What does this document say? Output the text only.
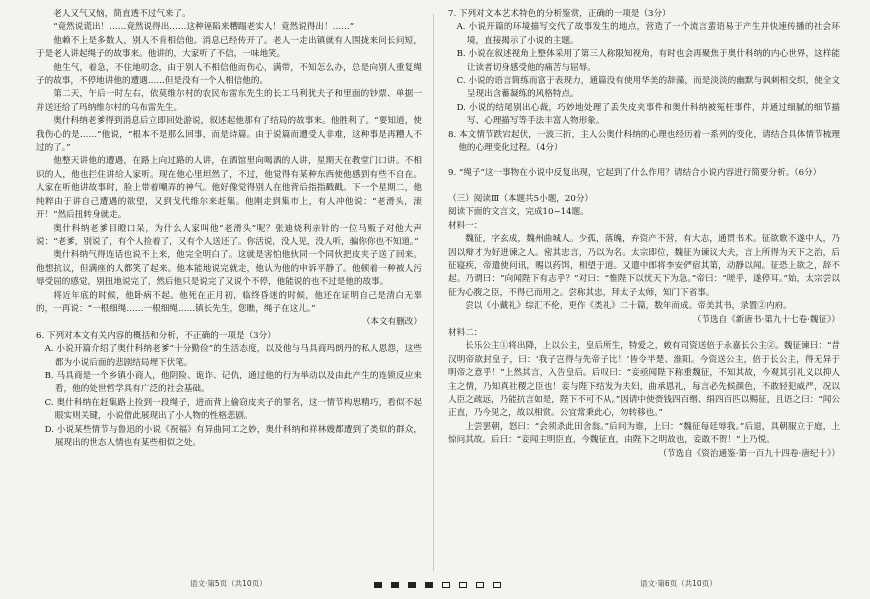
老人又气又恼，简直透不过气来了。

“竟然说谎出！……竟然说得出……这种诬陷来糟蹋老实人！竟然说得出！……”

他赖不上是多数人，别人不肯相信他。消息已经传开了。老人一走出镇就有人围拢来问长问短，于是老人讲起绳子的故事来。他讲的，大家听了不信，一味地笑。

他生气，着急，不住地叨念，由于别人不相信他而伤心，满带，不知怎么办，总是向别人重复绳子的故事，不停地讲他的遭遇……但是没有一个人相信他的。

第二天，午后一时左右，依莫维尔村的农民布雷东先生的长工马利犹夫子和里面的钞票、单据一并送还给了玛纳维尔村的乌布雷先生。

奥什科纳老爹得到消息后立即回处游说，叙述起他那有了结局的故事来。他胜利了。“要知道，使我伤心的是……”他说，“根本不是那么回事，而是诗篇。由于说篇而遭受人非难，这种事是再糟人不过的了。”

他整天讲他的遭遇，在路上向过路的人讲，在酒馆里向喝酒的人讲，星期天在教堂门口讲。不相识的人，他也拦住讲给人家听。现在他心里坦然了，不过，他觉得有某种东西使他感到有些不自在。人家在听他讲故事时，脸上带着嘲弄的神气。他好像觉得别人在他背后指指戳戳。下一个星期二，他纯粹由于讲自己遭遇的欲望，又到戈代维尔来赶集。他刚走到集市上，有人冲他说：“老滑头，滚开！”然后扭转身就走。

奥什科纳老爹目瞪口呆，为什么人家叫他“老滑头”呢？张迪烧利亲针的一位马贩子对他大声说：“老爹，别说了，有个人捡着了，又有个人送还了。你活说，没人见，没人听，骗你你也不知道。”

奥什科纳气得连话也说不上来，他完全明白了。这就是害怕他伙同一个同伙把皮夹子送了回来。他想抗议，但满座的人都笑了起来。他本能地说完就走，他认为他的申诉平静了。他顿着一种被人污辱受屈的感觉，别扭地说完了，然后他只是说完了又说个不停，他能说的也不过是他的故事。

将近年底的时候，他卧病不起。他死在正月初，临终昏迷的时候，他还在证明自己是清白无辜的，一再说：“一根细绳……一根细绳……镇长先生，您瞧，绳子在这儿。”

（本文有删改）

6. 下列对本文有关内容的概括和分析，不正确的一项是（3分）

A. 小说开篇介绍了奥什科纳老爹“十分勤俭”的生活态度，以及他与马具商玛朗丹的私人恩怨，这些都为小说后面的悲剧结局埋下伏笔。

B. 马具商是一个乡镇小商人，他阴险、诡诈、记仇，通过他的行为举动以及由此产生的连锁反应来看，他的处世哲学具有广泛的社会基础。

C. 奥什科纳在赶集路上捡到一段绳子，进而背上偷窃皮夹子的罪名，这一情节构思精巧，看似不起眼实则关键，小说借此展现出了小人物的性格悲剧。

D. 小说某些情节与鲁迅的小说《祝福》有异曲同工之妙，奥什科纳和祥林嫂都遭到了类似的群众，展现出的世态人情也有某些相似之处。

7. 下列对文本艺术特色的分析鉴赏，正确的一项是（3分）

A. 小说开篇的环境描写交代了故事发生的地点，营造了一个流言蜚语易于产生并快速传播的社会环境，直接揭示了小说的主题。

B. 小说在叙述视角上整体采用了第三人称限知视角，有时也会再聚焦于奥什科纳的内心世界，这样能让读者切身感受他的痛苦与屈辱。

C. 小说的语言简练而富于表现力，通篇没有使用华美的辞藻，而是淡淡的幽默与讽刺相交织，使全文呈现出含蓄凝练的风格特点。

D. 小说的结尾别出心裁，巧妙地处理了丢失皮夹事件和奥什科纳被冤枉事件，并通过细腻的细节描写、心理描写等手法丰富人物形象。

8. 本文情节跌宕起伏，一波三折，主人公奥什科纳的心理也经历着一系列的变化，请结合具体情节梳理他的心理变化过程。（4分）

9. “绳子”这一事物在小说中反复出现，它起到了什么作用？请结合小说内容进行简要分析。（6分）

（三）阅读Ⅲ（本题共5小题，20分）

阅读下面的文言文，完成10~14题。

材料一：

魏征，字玄成，魏州曲城人。少孤，落魄，弃资产不营，有大志，通贯书术。征欲歌不遂中人，乃因以辩才为好进谏之人。密其忠言，乃以为名。太宗即位，魏征为谏议大夫，言上所得为天下之治，后征寝疾，帝遣使问讯，赐以药饵，相望于道。又遣中郎将李安俨宿其第，动静以闻。征恐上欲之，辞不起。乃谓曰：“向闻陛下有志乎？”对曰：“惟陛下以忧天下为急。”帝曰：“嗟乎，遂停耳。”始，太宗尝以征为心腹之臣，不得已而用之。尝称其忠，拜太子太师，知门下省事。

尝以《小戴礼》综汇不伦，更作《类礼》二十篇，数年而成。帝美其书，录置②内府。

（节选自《新唐书·第九十七卷·魏征》）

材料二：

长乐公主①将出降，上以公主，皇后所生，特爱之，敕有司资送倍于永嘉长公主②。魏征谏曰：“昔汉明帝欲封皇子，曰：‘我子岂得与先帝子比！’皆令半楚、淮阳。今资送公主，倍于长公主，得无异于明帝之意乎！”上然其言，入告皇后。后叹曰：“妾亟闻陛下称重魏征，不知其故，今观其引礼义以抑人主之情，乃知真社稷之臣也！妾与陛下结发为夫妇，曲承恩礼，每言必先候颜色，不敢轻犯威严，况以人臣之疏远，乃能抗言如是，陛下不可不从。”因请中使赍钱四百缗、绢四百匹以赐征，且语之曰：“闻公正直，乃今见之，故以相赏。公宜常秉此心，勿转移也。”

上尝罢朝，怒曰：“会须杀此田舍翁。”后问为谁，上曰：“魏征每廷辱我。”后退，具朝服立于庭，上惊问其故。后曰：“妾闻主明臣直，今魏征直，由陛下之明故也，妾敢不贺！”上乃悦。

（节选自《资治通鉴·第一百九十四卷·唐纪十》）

语文·第5页（共10页）	语文·第6页（共10页）
